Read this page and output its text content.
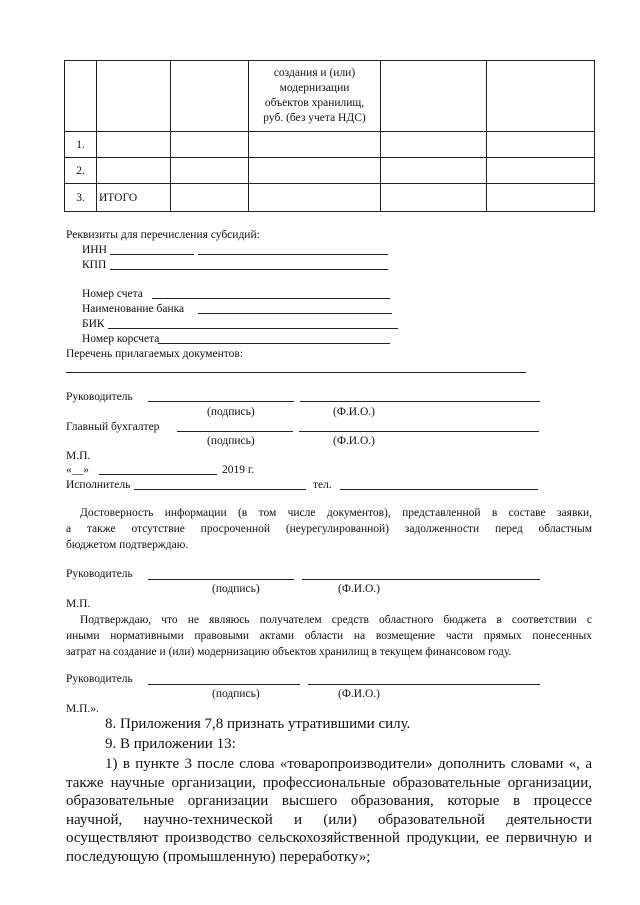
			создания и (или)
модернизации
объектов хранилищ,
руб. (без учета НДС)		

1.					
2.					
3.	ИТОГО				
Реквизиты для перечисления субсидий:
ИНН
КПП
Номер счета
Наименование банка
БИК
Номер корсчета
Перечень прилагаемых документов:
Руководитель
(подпись)	(Ф.И.О.)
Главный бухгалтер
(подпись)	(Ф.И.О.)
М.П.
«__»	2019 г.
Исполнитель	тел.
Достоверность информации (в том числе документов), представленной в составе заявки,
а также отсутствие просроченной (неурегулированной) задолженности перед областным
бюджетом подтверждаю.
Руководитель
(подпись)	(Ф.И.О.)
М.П.
Подтверждаю, что не являюсь получателем средств областного бюджета в соответствии с
иными нормативными правовыми актами области на возмещение части прямых понесенных
затрат на создание и (или) модернизацию объектов хранилищ в текущем финансовом году.
Руководитель
(подпись)	(Ф.И.О.)
М.П.».
8. Приложения 7,8 признать утратившими силу.
9. В приложении 13:
1) в пункте 3 после слова «товаропроизводители» дополнить словами «, а
также научные организации, профессиональные образовательные организации,
образовательные организации высшего образования, которые в процессе
научной, научно-технической и (или) образовательной деятельности
осуществляют производство сельскохозяйственной продукции, ее первичную и
последующую (промышленную) переработку»;
